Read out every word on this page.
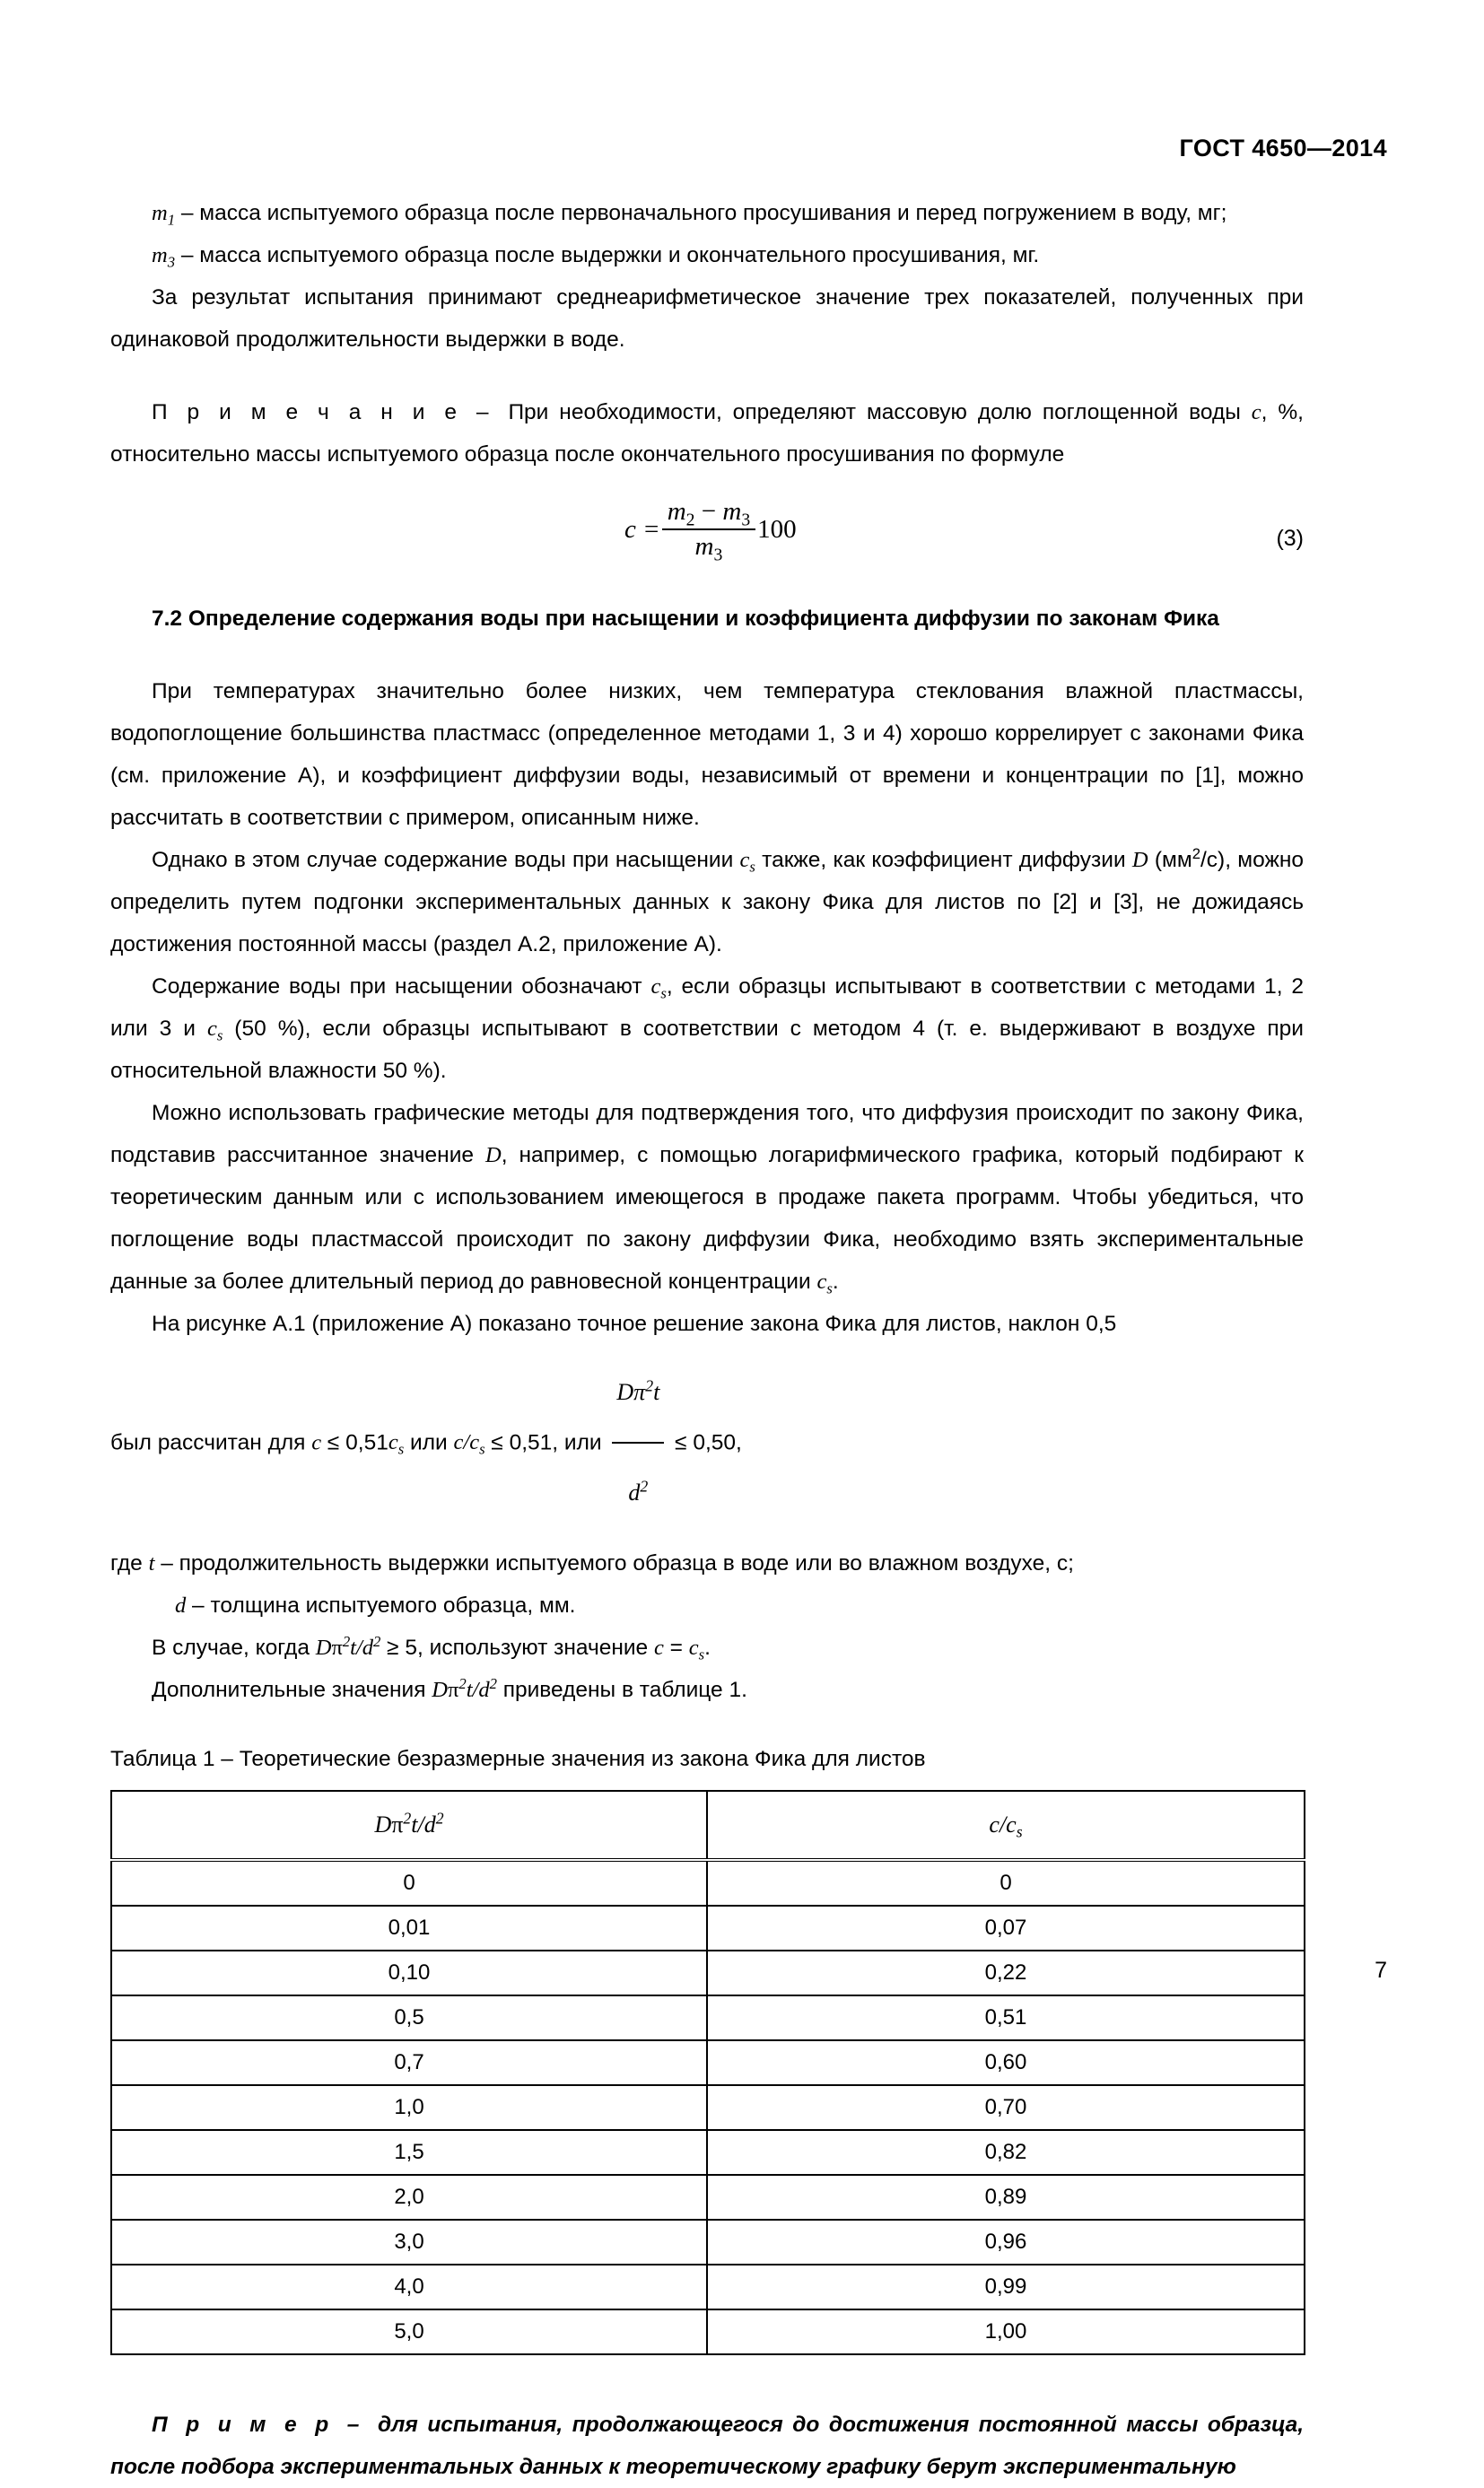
ГОСТ 4650—2014

$m_1$ – масса испытуемого образца после первоначального просушивания и перед погружением в воду, мг;

$m_3$ – масса испытуемого образца после выдержки и окончательного просушивания, мг.

За результат испытания принимают среднеарифметическое значение трех показателей, полученных при одинаковой продолжительности выдержки в воде.

П р и м е ч а н и е – При необходимости, определяют массовую долю поглощенной воды c, %, относительно массы испытуемого образца после окончательного просушивания по формуле

$c = \frac{m_2 - m_3}{m_3} 100$	(3)
7.2 Определение содержания воды при насыщении и коэффициента диффузии по законам Фика

При температурах значительно более низких, чем температура стеклования влажной пластмассы, водопоглощение большинства пластмасс (определенное методами 1, 3 и 4) хорошо коррелирует с законами Фика (см. приложение А), и коэффициент диффузии воды, независимый от времени и концентрации по [1], можно рассчитать в соответствии с примером, описанным ниже.

Однако в этом случае содержание воды при насыщении $c_s$ также, как коэффициент диффузии D $(мм^2/с)$, можно определить путем подгонки экспериментальных данных к закону Фика для листов по [2] и [3], не дожидаясь достижения постоянной массы (раздел А.2, приложение А).

Содержание воды при насыщении обозначают $c_s$, если образцы испытывают в соответствии с методами 1, 2 или 3 и $c_s$ (50 %), если образцы испытывают в соответствии с методом 4 (т. е. выдерживают в воздухе при относительной влажности 50 %).

Можно использовать графические методы для подтверждения того, что диффузия происходит по закону Фика, подставив рассчитанное значение D, например, с помощью логарифмического графика, который подбирают к теоретическим данным или с использованием имеющегося в продаже пакета программ. Чтобы убедиться, что поглощение воды пластмассой происходит по закону диффузии Фика, необходимо взять экспериментальные данные за более длительный период до равновесной концентрации $c_s$.

На рисунке А.1 (приложение А) показано точное решение закона Фика для листов, наклон 0,5

был рассчитан для $c \le 0,51c_s$ или $c/c_s \le 0,51$, или $\frac{D\pi^2t}{d^2} \le 0,50$,

где t – продолжительность выдержки испытуемого образца в воде или во влажном воздухе, с;

d – толщина испытуемого образца, мм.

В случае, когда $D\pi^2t/d^2 \ge 5$, используют значение $c = c_s$.

Дополнительные значения $D\pi^2t/d^2$ приведены в таблице 1.

Таблица 1 – Теоретические безразмерные значения из закона Фика для листов

$D\pi^2t/d^2$	$c/c_s$
0	0
0,01	0,07
0,10	0,22
0,5	0,51
0,7	0,60
1,0	0,70
1,5	0,82
2,0	0,89
3,0	0,96
4,0	0,99
5,0	1,00

П р и м е р – для испытания, продолжающегося до достижения постоянной массы образца, после подбора экспериментальных данных к теоретическому графику берут экспериментальную

7
